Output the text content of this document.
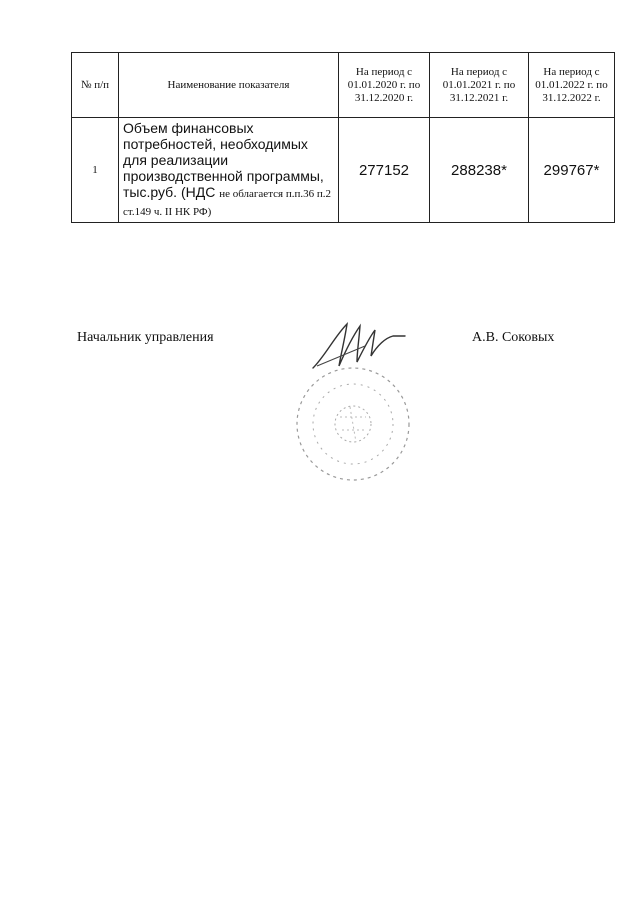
№ п/п	Наименование показателя	На период с 01.01.2020 г. по 31.12.2020 г.	На период с 01.01.2021 г. по 31.12.2021 г.	На период с 01.01.2022 г. по 31.12.2022 г.
1	Объем финансовых потребностей, необходимых для реализации производственной программы, тыс.руб. (НДС не облагается п.п.36 п.2 ст.149 ч. II НК РФ)	277152	288238*	299767*
Начальник управления	А.В. Соковых
